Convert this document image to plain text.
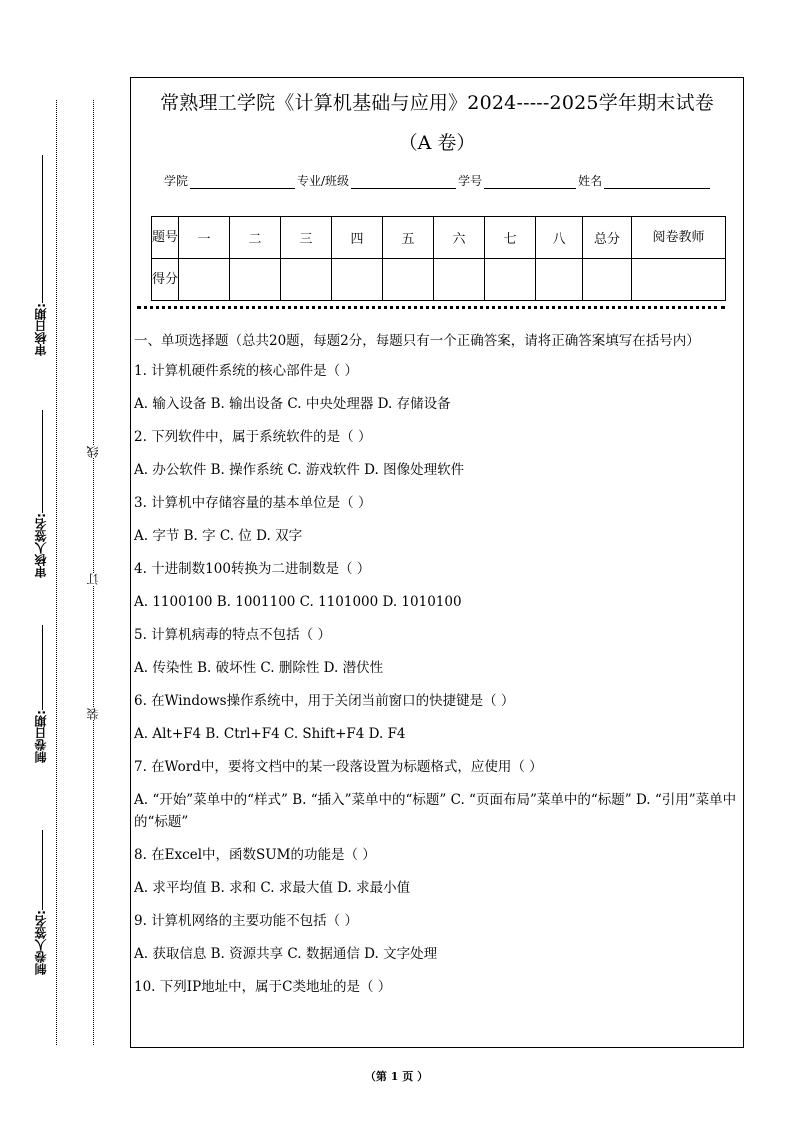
审核日期:
审核人签名:
制卷日期:
制卷人签名:
线
订
装
常熟理工学院《计算机基础与应用》2024-----2025学年期末试卷
（A 卷）
学院	专业/班级	学号	姓名
题号	一	二	三	四	五	六	七	八	总分	阅卷教师
得分										
一、单项选择题（总共20题，每题2分，每题只有一个正确答案，请将正确答案填写在括号内）
1. 计算机硬件系统的核心部件是（ ）
A. 输入设备 B. 输出设备 C. 中央处理器 D. 存储设备
2. 下列软件中，属于系统软件的是（ ）
A. 办公软件 B. 操作系统 C. 游戏软件 D. 图像处理软件
3. 计算机中存储容量的基本单位是（ ）
A. 字节 B. 字 C. 位 D. 双字
4. 十进制数100转换为二进制数是（ ）
A. 1100100 B. 1001100 C. 1101000 D. 1010100
5. 计算机病毒的特点不包括（ ）
A. 传染性 B. 破坏性 C. 删除性 D. 潜伏性
6. 在Windows操作系统中，用于关闭当前窗口的快捷键是（ ）
A. Alt+F4 B. Ctrl+F4 C. Shift+F4 D. F4
7. 在Word中，要将文档中的某一段落设置为标题格式，应使用（ ）
A. “开始”菜单中的“样式” B. “插入”菜单中的“标题” C. “页面布局”菜单中的“标题” D. “引用”菜单中的“标题”
8. 在Excel中，函数SUM的功能是（ ）
A. 求平均值 B. 求和 C. 求最大值 D. 求最小值
9. 计算机网络的主要功能不包括（ ）
A. 获取信息 B. 资源共享 C. 数据通信 D. 文字处理
10. 下列IP地址中，属于C类地址的是（ ）
（第 1 页 ）
